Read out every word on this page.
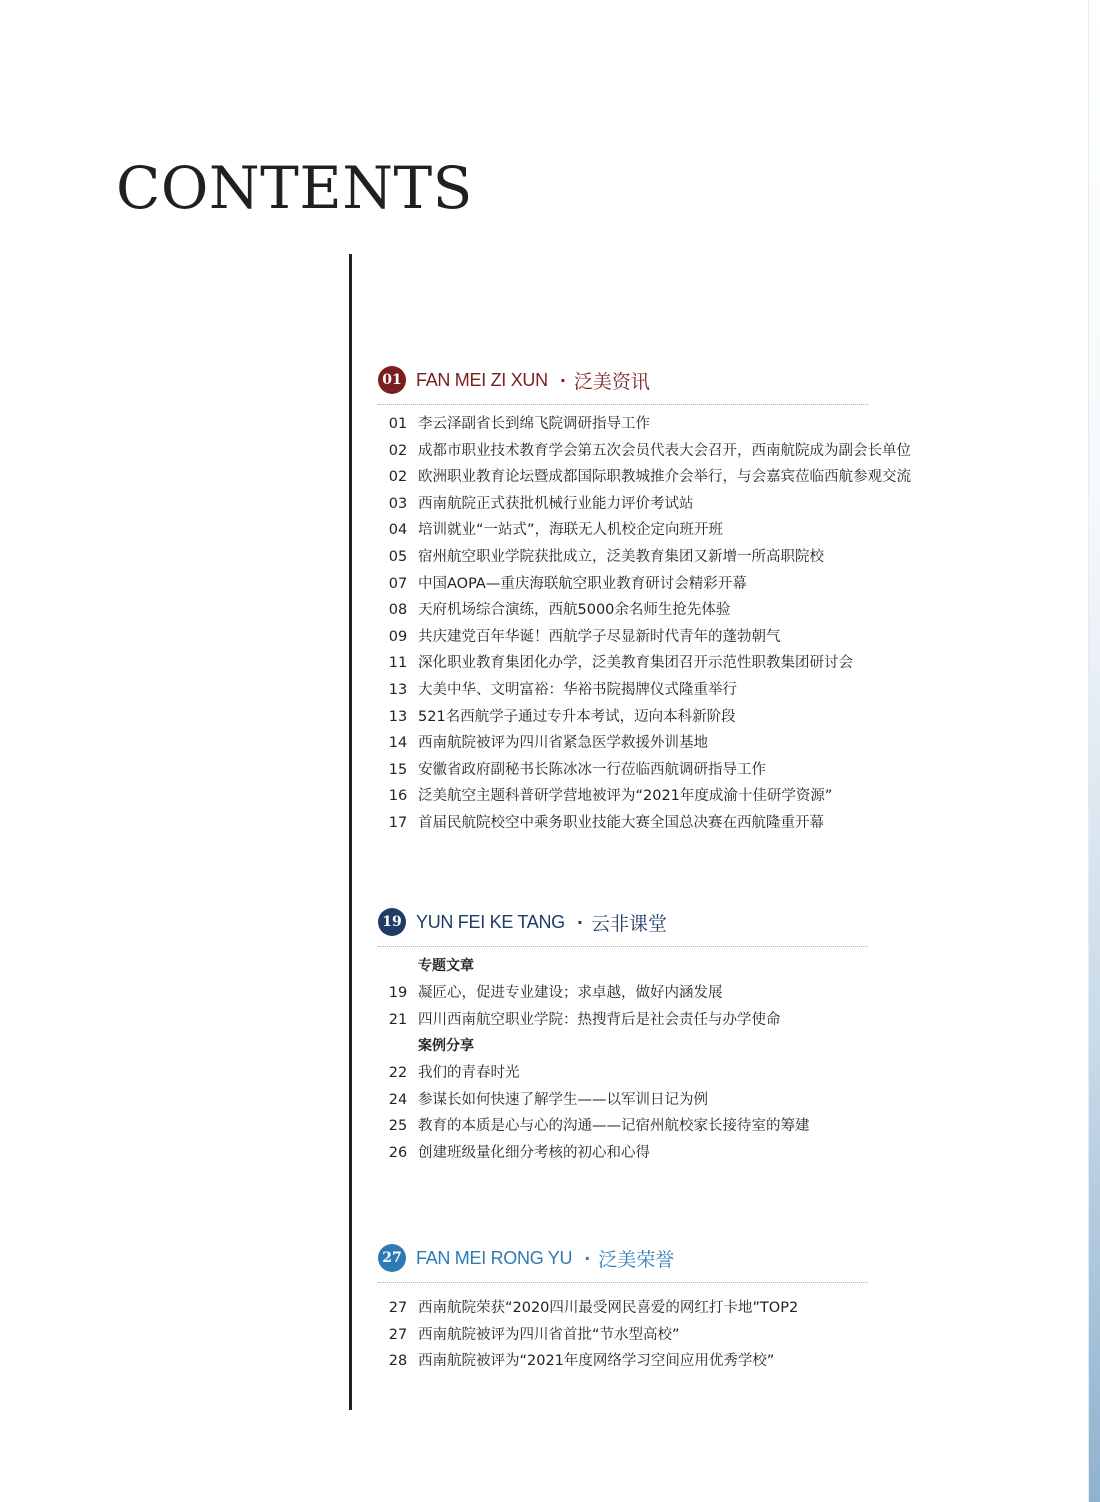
CONTENTS
01 FAN MEI ZI XUN · 泛美资讯
01 李云泽副省长到绵飞院调研指导工作
02 成都市职业技术教育学会第五次会员代表大会召开，西南航院成为副会长单位
02 欧洲职业教育论坛暨成都国际职教城推介会举行，与会嘉宾莅临西航参观交流
03 西南航院正式获批机械行业能力评价考试站
04 培训就业“一站式”，海联无人机校企定向班开班
05 宿州航空职业学院获批成立，泛美教育集团又新增一所高职院校
07 中国AOPA—重庆海联航空职业教育研讨会精彩开幕
08 天府机场综合演练，西航5000余名师生抢先体验
09 共庆建党百年华诞！西航学子尽显新时代青年的蓬勃朝气
11 深化职业教育集团化办学，泛美教育集团召开示范性职教集团研讨会
13 大美中华、文明富裕：华裕书院揭牌仪式隆重举行
13 521名西航学子通过专升本考试，迈向本科新阶段
14 西南航院被评为四川省紧急医学救援外训基地
15 安徽省政府副秘书长陈冰冰一行莅临西航调研指导工作
16 泛美航空主题科普研学营地被评为“2021年度成渝十佳研学资源”
17 首届民航院校空中乘务职业技能大赛全国总决赛在西航隆重开幕
19 YUN FEI KE TANG · 云非课堂
专题文章
19 凝匠心，促进专业建设；求卓越，做好内涵发展
21 四川西南航空职业学院：热搜背后是社会责任与办学使命
案例分享
22 我们的青春时光
24 参谋长如何快速了解学生——以军训日记为例
25 教育的本质是心与心的沟通——记宿州航校家长接待室的筹建
26 创建班级量化细分考核的初心和心得
27 FAN MEI RONG YU · 泛美荣誉
27 西南航院荣获“2020四川最受网民喜爱的网红打卡地”TOP2
27 西南航院被评为四川省首批“节水型高校”
28 西南航院被评为“2021年度网络学习空间应用优秀学校”
